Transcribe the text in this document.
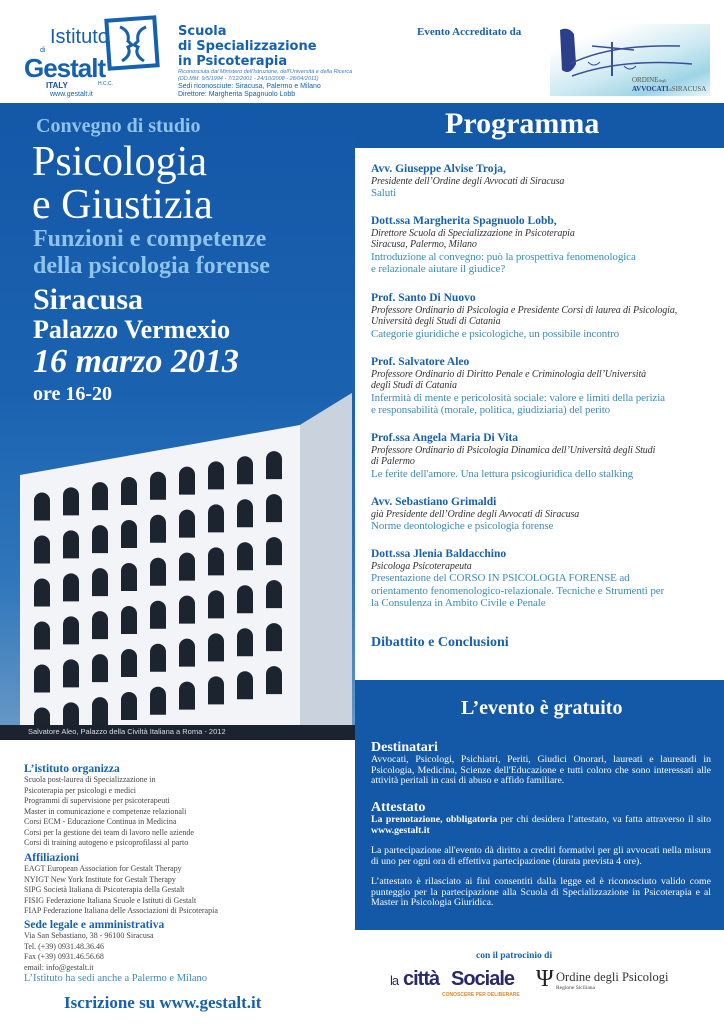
Istituto
di
Gestalt
H.C.C.
ITALY
www.gestalt.it
Scuola
di Specializzazione
in Psicoterapia
Riconosciuta dal Ministero dell'Istruzione, dell'Università e della Ricerca
(DD.MM. 9/5/1994 - 7/12/2001 - 24/10/2008 - 28/04/2011)
Sedi riconosciute: Siracusa, Palermo e Milano
Direttore: Margherita Spagnuolo Lobb
Evento Accreditato da
ORDINEdegli
AVVOCATIdiSIRACUSA
Convegno di studio
Psicologia
e Giustizia
Funzioni e competenze
della psicologia forense
Siracusa
Palazzo Vermexio
16 marzo 2013
ore 16-20
Salvatore Aleo, Palazzo della Civiltà Italiana a Roma - 2012
Programma
Avv. Giuseppe Alvise Troja,
Presidente dell’Ordine degli Avvocati di Siracusa
Saluti
Dott.ssa Margherita Spagnuolo Lobb,
Direttore Scuola di Specializzazione in Psicoterapia
Siracusa, Palermo, Milano
Introduzione al convegno: può la prospettiva fenomenologica
e relazionale aiutare il giudice?
Prof. Santo Di Nuovo
Professore Ordinario di Psicologia e Presidente Corsi di laurea di Psicologia,
Università degli Studi di Catania
Categorie giuridiche e psicologiche, un possibile incontro
Prof. Salvatore Aleo
Professore Ordinario di Diritto Penale e Criminologia dell’Università
degli Studi di Catania
Infermità di mente e pericolosità sociale: valore e limiti della perizia
e responsabilità (morale, politica, giudiziaria) del perito
Prof.ssa Angela Maria Di Vita
Professore Ordinario di Psicologia Dinamica dell’Università degli Studi
di Palermo
Le ferite dell'amore. Una lettura psicogiuridica dello stalking
Avv. Sebastiano Grimaldi
già Presidente dell’Ordine degli Avvocati di Siracusa
Norme deontologiche e psicologia forense
Dott.ssa Jlenia Baldacchino
Psicologa Psicoterapeuta
Presentazione del CORSO IN PSICOLOGIA FORENSE ad
orientamento fenomenologico-relazionale. Tecniche e Strumenti per
la Consulenza in Ambito Civile e Penale
Dibattito e Conclusioni
L’evento è gratuito
Destinatari

Avvocati, Psicologi, Psichiatri, Periti, Giudici Onorari, laureati e laureandi in Psicologia, Medicina, Scienze dell'Educazione e tutti coloro che sono interessati alle attività peritali in casi di abuso e affido familiare.

Attestato

La prenotazione, obbligatoria per chi desidera l’attestato, va fatta attraverso il sito www.gestalt.it

La partecipazione all'evento dà diritto a crediti formativi per gli avvocati nella misura di uno per ogni ora di effettiva partecipazione (durata prevista 4 ore).

L’attestato è rilasciato ai fini consentiti dalla legge ed è riconosciuto valido come punteggio per la partecipazione alla Scuola di Specializzazione in Psicoterapia e al Master in Psicologia Giuridica.

L’istituto organizza

Scuola post-laurea di Specializzazione in
Psicoterapia per psicologi e medici
Programmi di supervisione per psicoterapeuti
Master in comunicazione e competenze relazionali
Corsi ECM - Educazione Continua in Medicina
Corsi per la gestione dei team di lavoro nelle aziende
Corsi di training autogeno e psicoprofilassi al parto

Affiliazioni

EAGT European Association for Gestalt Therapy
NYIGT New York Institute for Gestalt Therapy
SIPG Società Italiana di Psicoterapia della Gestalt
FISIG Federazione Italiana Scuole e Istituti di Gestalt
FIAP Federazione Italiana delle Associazioni di Psicoterapia

Sede legale e amministrativa

Via San Sebastiano, 38 - 96100 Siracusa
Tel. (+39) 0931.48.36.46
Fax (+39) 0931.46.56.68
email: info@gestalt.it

L’Istituto ha sedi anche a Palermo e Milano
Iscrizione su www.gestalt.it
con il patrocinio di
la città Sociale
CONOSCERE PER DELIBERARE
Ψ Ordine degli Psicologi
Regione Siciliana
